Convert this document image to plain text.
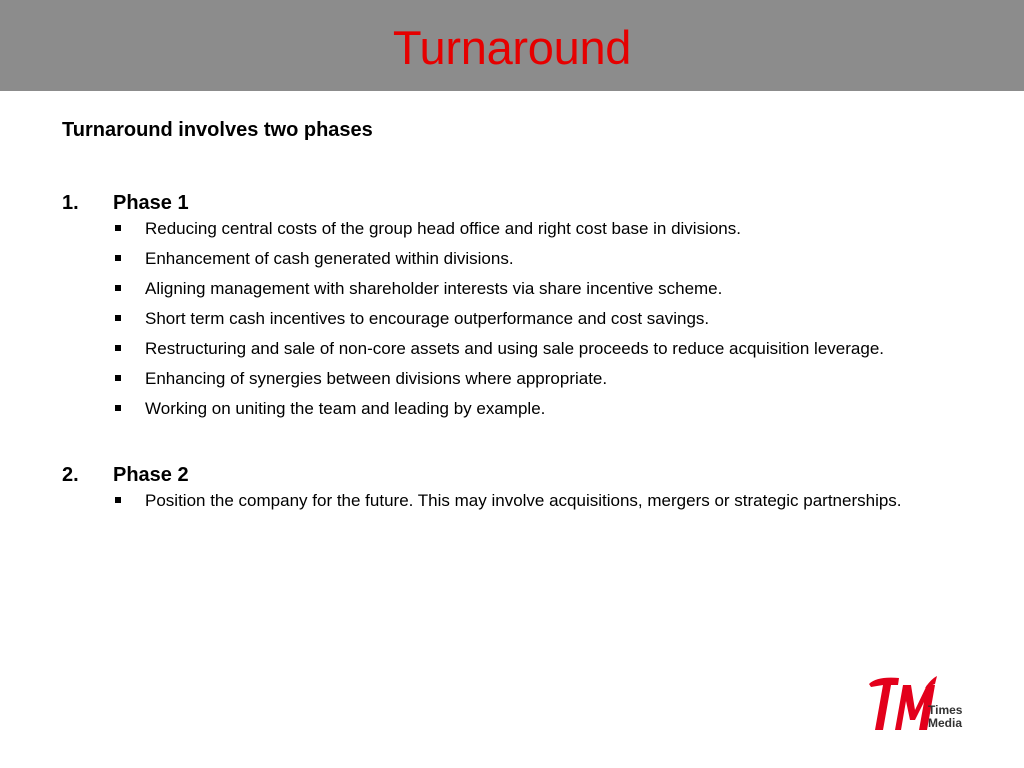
Turnaround

Turnaround involves two phases

1. Phase 1
Reducing central costs of the group head office and right cost base in divisions.
Enhancement of cash generated within divisions.
Aligning management with shareholder interests via share incentive scheme.
Short term cash incentives to encourage outperformance and cost savings.
Restructuring and sale of non-core assets and using sale proceeds to reduce acquisition leverage.
Enhancing of synergies between divisions where appropriate.
Working on uniting the team and leading by example.
2. Phase 2
Position the company for the future. This may involve acquisitions, mergers or strategic partnerships.
Times
Media
